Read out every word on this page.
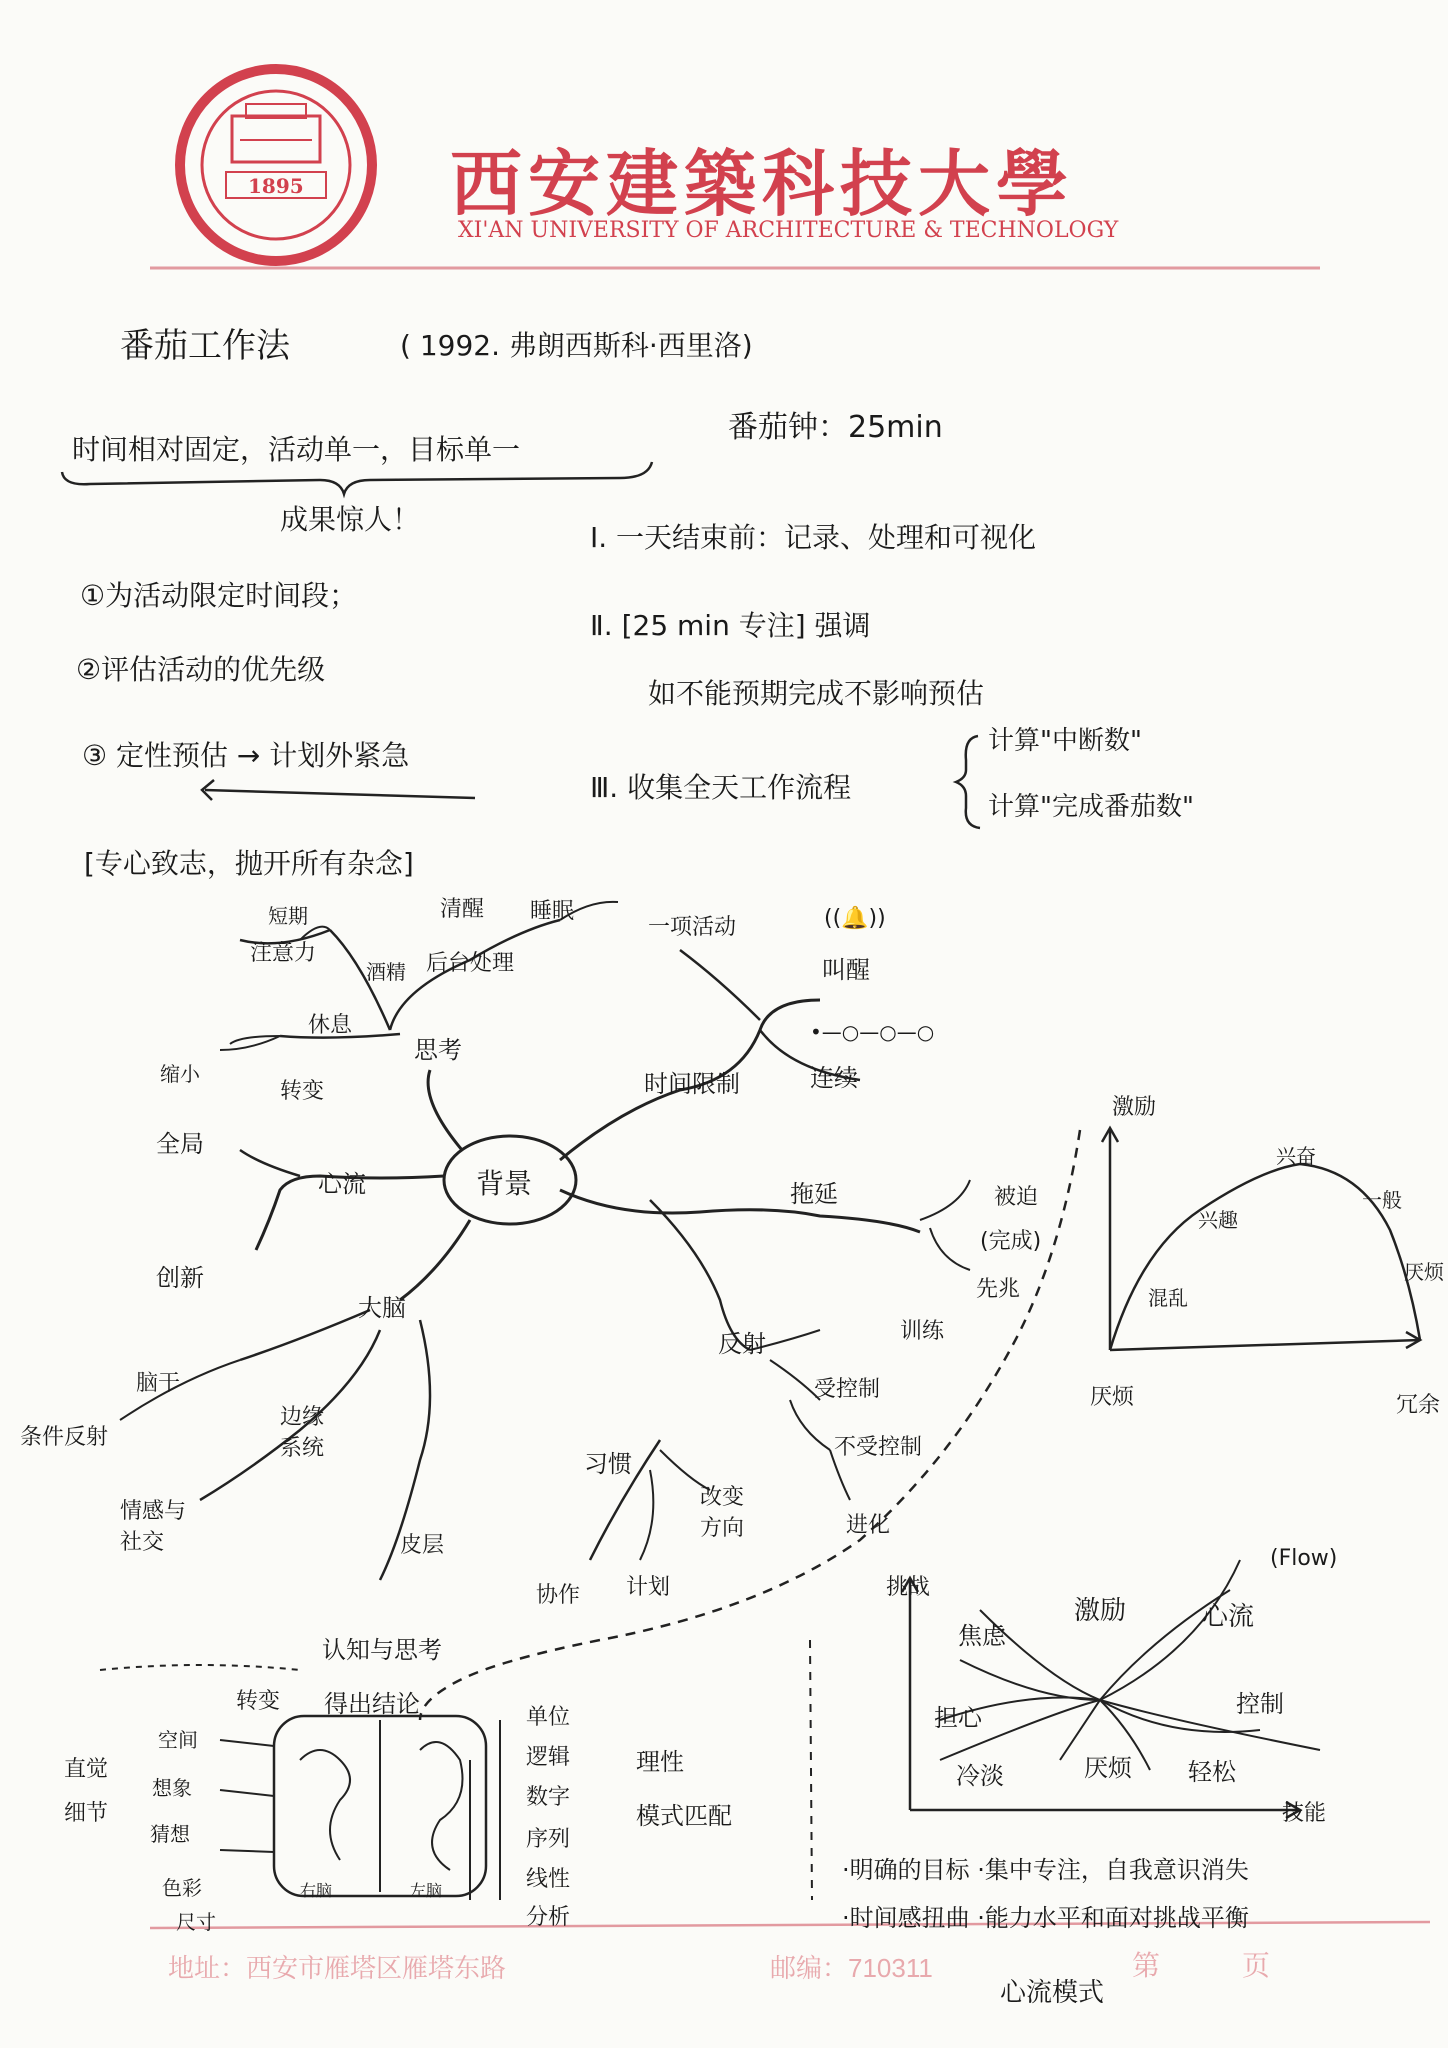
1895 西安建築科技大學
XI'AN UNIVERSITY OF ARCHITECTURE & TECHNOLOGY
番茄工作法	( 1992. 弗朗西斯科·西里洛)
番茄钟：25min
时间相对固定，活动单一，目标单一
成果惊人！
①为活动限定时间段；
②评估活动的优先级
③ 定性预估 → 计划外紧急
[专心致志，抛开所有杂念]
Ⅰ. 一天结束前：记录、处理和可视化
Ⅱ. [25 min 专注] 强调
如不能预期完成不影响预估
Ⅲ. 收集全天工作流程
计算"中断数"
计算"完成番茄数"
背景
思考
短期
注意力
酒精 后台处理
清醒 睡眠
休息
缩小
转变	时间限制
一项活动
叫醒
连续
((🔔))
•—○—○—○
心流
全局
创新
拖延	被迫
(完成)
先兆
大脑
脑干
条件反射
边缘系统
情感与社交	皮层
认知与思考
习惯
改变方向
协作 计划
反射	训练
受控制
不受控制
进化
得出结论
转变
直觉
细节
空间
想象
猜想
色彩
尺寸
右脑	左脑
单位
逻辑
数字
序列
线性
分析
理性
模式匹配
激励
厌烦	冗余
混乱
兴趣
兴奋
一般
厌烦
挑战
技能
焦虑
激励	心流
(Flow)
担心	控制
冷淡	厌烦 轻松
·明确的目标 ·集中专注，自我意识消失
·时间感扭曲 ·能力水平和面对挑战平衡
心流模式
地址：西安市雁塔区雁塔东路	邮编：710311	第	页
